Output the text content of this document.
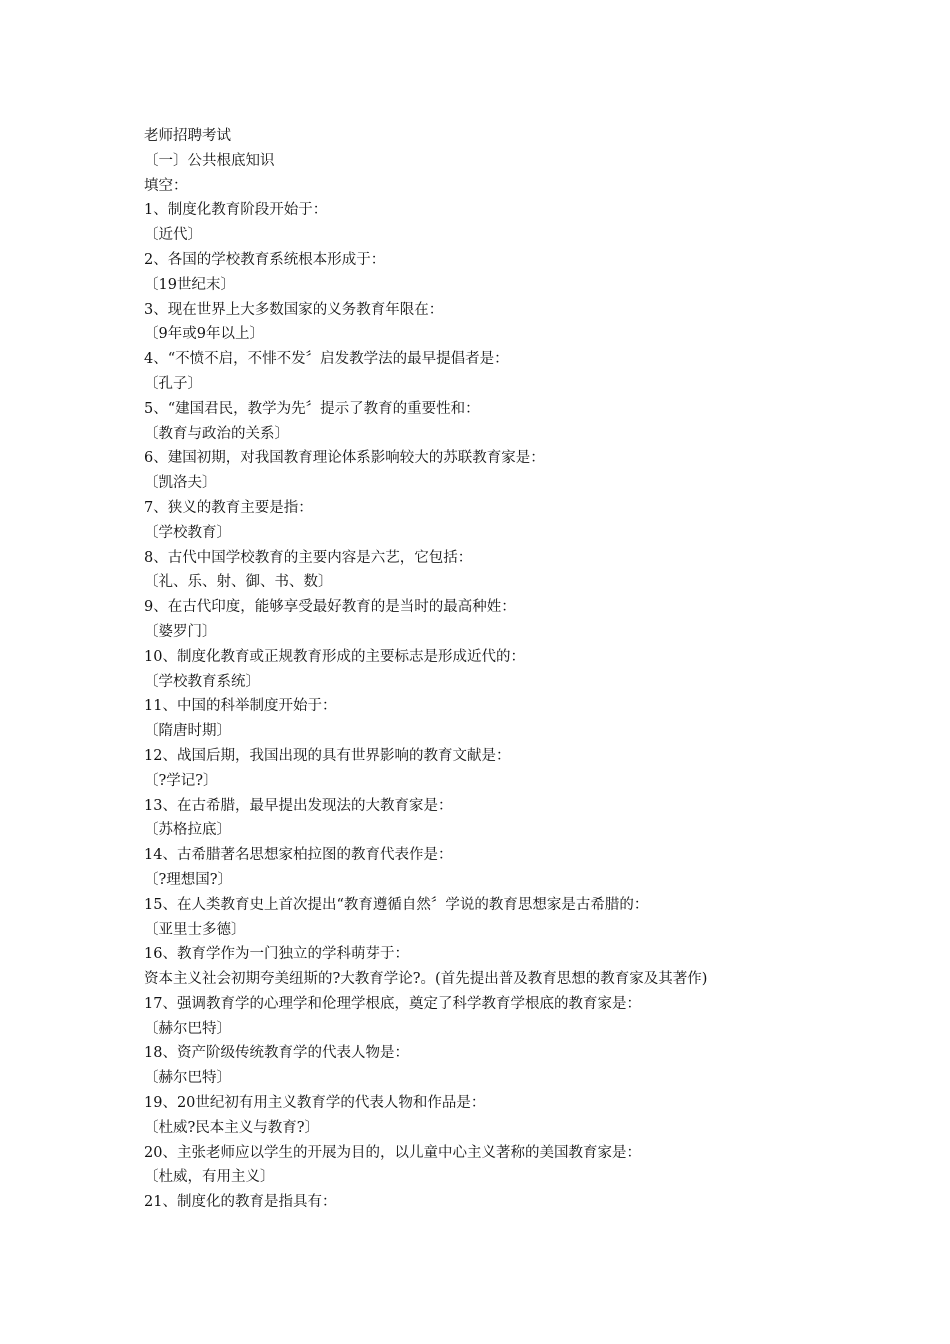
老师招聘考试
〔一〕公共根底知识
填空：
1、制度化教育阶段开始于：
〔近代〕
2、各国的学校教育系统根本形成于：
〔19世纪末〕
3、现在世界上大多数国家的义务教育年限在：
〔9年或9年以上〕
4、“不愤不启，不悱不发〞启发教学法的最早提倡者是：
〔孔子〕
5、“建国君民，教学为先〞提示了教育的重要性和：
〔教育与政治的关系〕
6、建国初期，对我国教育理论体系影响较大的苏联教育家是：
〔凯洛夫〕
7、狭义的教育主要是指：
〔学校教育〕
8、古代中国学校教育的主要内容是六艺，它包括：
〔礼、乐、射、御、书、数〕
9、在古代印度，能够享受最好教育的是当时的最高种姓：
〔婆罗门〕
10、制度化教育或正规教育形成的主要标志是形成近代的：
〔学校教育系统〕
11、中国的科举制度开始于：
〔隋唐时期〕
12、战国后期，我国出现的具有世界影响的教育文献是：
〔?学记?〕
13、在古希腊，最早提出发现法的大教育家是：
〔苏格拉底〕
14、古希腊著名思想家柏拉图的教育代表作是：
〔?理想国?〕
15、在人类教育史上首次提出“教育遵循自然〞学说的教育思想家是古希腊的：
〔亚里士多德〕
16、教育学作为一门独立的学科萌芽于：
资本主义社会初期夸美纽斯的?大教育学论?。(首先提出普及教育思想的教育家及其著作)
17、强调教育学的心理学和伦理学根底，奠定了科学教育学根底的教育家是：
〔赫尔巴特〕
18、资产阶级传统教育学的代表人物是：
〔赫尔巴特〕
19、20世纪初有用主义教育学的代表人物和作品是：
〔杜威?民本主义与教育?〕
20、主张老师应以学生的开展为目的，以儿童中心主义著称的美国教育家是：
〔杜威，有用主义〕
21、制度化的教育是指具有：
